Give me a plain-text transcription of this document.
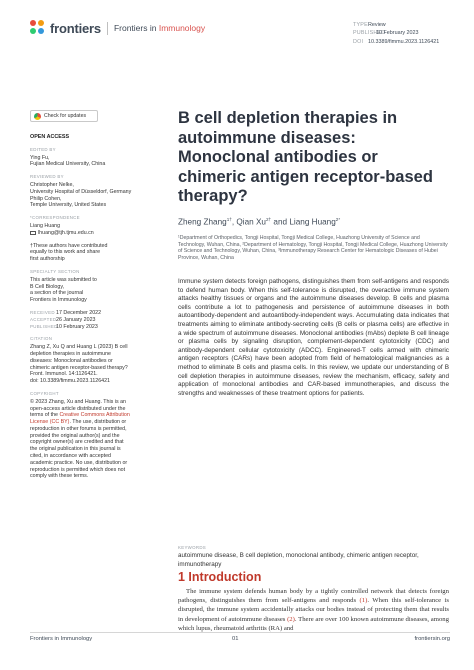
frontiers Frontiers in Immunology	TYPEReview
PUBLISHED10 February 2023
DOI 10.3389/fimmu.2023.1126421
Check for updates
OPEN ACCESS
EDITED BY
Ying Fu,
Fujian Medical University, China
REVIEWED BY
Christopher Nelke,
University Hospital of Düsseldorf, Germany
Philip Cohen,
Temple University, United States
*CORRESPONDENCE
Liang Huang
lhuang@tjh.tjmu.edu.cn
†These authors have contributed
equally to this work and share
first authorship
SPECIALTY SECTION
This article was submitted to
B Cell Biology,
a section of the journal
Frontiers in Immunology
RECEIVED17 December 2022
ACCEPTED26 January 2023
PUBLISHED10 February 2023
CITATION
Zhang Z, Xu Q and Huang L (2023) B cell
depletion therapies in autoimmune
diseases: Monoclonal antibodies or
chimeric antigen receptor-based therapy?
Front. Immunol. 14:1126421.
doi: 10.3389/fimmu.2023.1126421
COPYRIGHT
© 2023 Zhang, Xu and Huang. This is an
open-access article distributed under the
terms of the Creative Commons Attribution
License (CC BY). The use, distribution or
reproduction in other forums is permitted,
provided the original author(s) and the
copyright owner(s) are credited and that
the original publication in this journal is
cited, in accordance with accepted
academic practice. No use, distribution or
reproduction is permitted which does not
comply with these terms.
B cell depletion therapies in autoimmune diseases: Monoclonal antibodies or chimeric antigen receptor-based therapy?
Zheng Zhang$^{1\dagger}$, Qian $Xu^{2\dagger}$ and Liang Huang$^{2*}$
¹Department of Orthopedics, Tongji Hospital, Tongji Medical College, Huazhong University of Science and Technology, Wuhan, China, ²Department of Hematology, Tongji Hospital, Tongji Medical College, Huazhong University of Science and Technology, Wuhan, China, ³Immunotherapy Research Center for Hematologic Diseases of Hubei Province, Wuhan, China

Immune system detects foreign pathogens, distinguishes them from self-antigens and responds to defend human body. When this self-tolerance is disrupted, the overactive immune system attacks healthy tissues or organs and the autoimmune diseases develop. B cells and plasma cells contribute a lot to pathogenesis and persistence of autoimmune diseases in both autoantibody-dependent and autoantibody-independent ways. Accumulating data indicates that treatments aiming to eliminate antibody-secreting cells (B cells or plasma cells) are effective in a wide spectrum of autoimmune diseases. Monoclonal antibodies (mAbs) deplete B cell lineage or plasma cells by signaling disruption, complement-dependent cytotoxicity (CDC) and antibody-dependent cellular cytotoxicity (ADCC). Engineered-T cells armed with chimeric antigen receptors (CARs) have been adopted from field of hematological malignancies as a method to eliminate B cells and plasma cells. In this review, we update our understanding of B cell depletion therapies in autoimmune diseases, review the mechanism, efficacy, safety and application of monoclonal antibodies and CAR-based immunotherapies, and discuss the strengths and weaknesses of these treatment options for patients.

KEYWORDS
autoimmune disease, B cell depletion, monoclonal antibody, chimeric antigen receptor, immunotherapy
1 Introduction

The immune system defends human body by a tightly controlled network that detects foreign pathogens, distinguishes them from self-antigens and responds (1). When this self-tolerance is disrupted, the immune system accidentally attacks our bodies instead of protecting them that results in development of autoimmune diseases (2). There are over 100 known autoimmune diseases, among which lupus, rheumatoid arthritis (RA) and

Frontiers in Immunology	01	frontiersin.org
